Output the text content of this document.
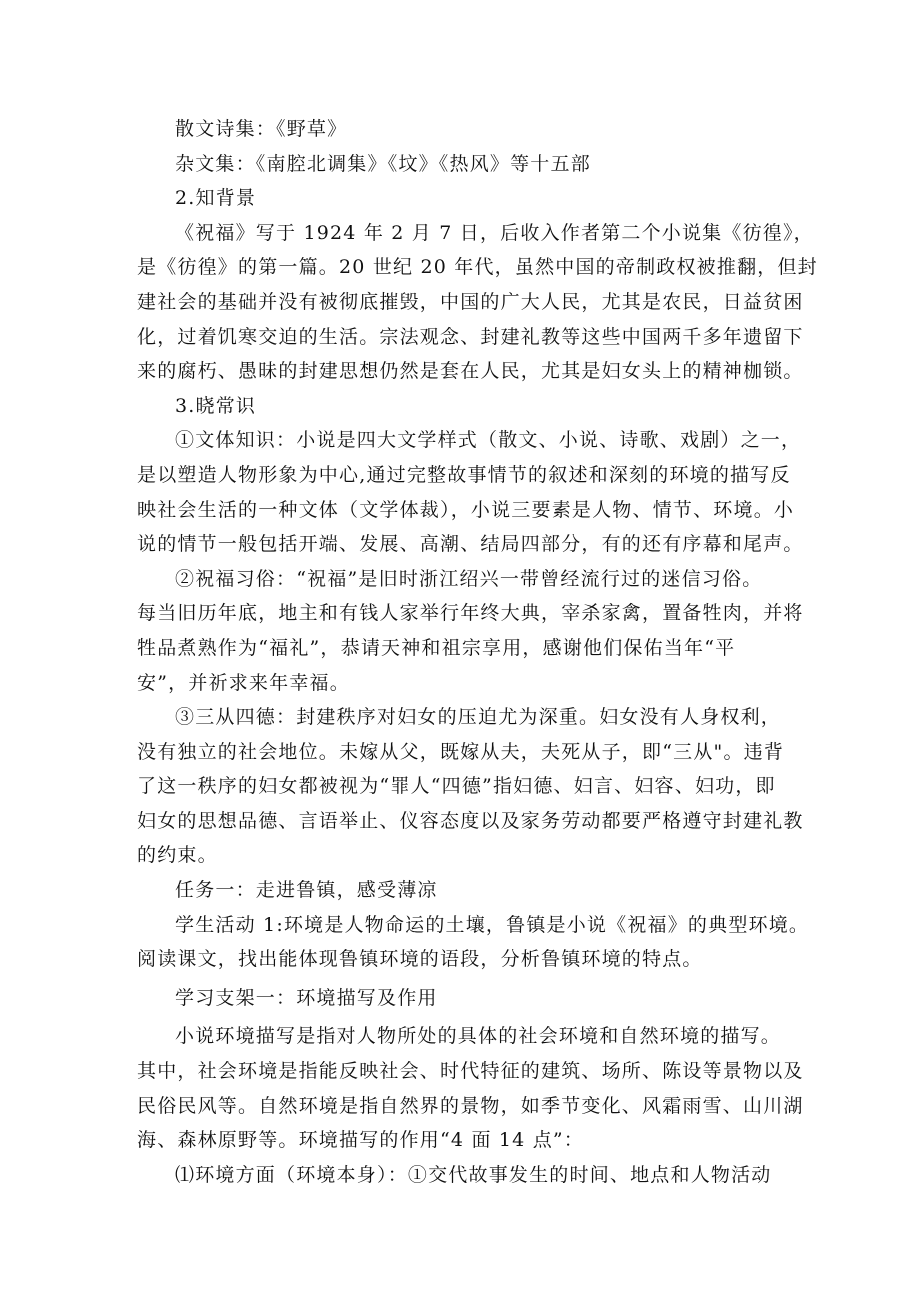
散文诗集：《野草》
杂文集：《南腔北调集》《坟》《热风》等十五部
2.知背景
《祝福》写于 1924 年 2 月 7 日，后收入作者第二个小说集《彷徨》，
是《彷徨》的第一篇。20 世纪 20 年代，虽然中国的帝制政权被推翻，但封
建社会的基础并没有被彻底摧毁，中国的广大人民，尤其是农民，日益贫困
化，过着饥寒交迫的生活。宗法观念、封建礼教等这些中国两千多年遗留下
来的腐朽、愚昧的封建思想仍然是套在人民，尤其是妇女头上的精神枷锁。
3.晓常识
①文体知识：小说是四大文学样式（散文、小说、诗歌、戏剧）之一，
是以塑造人物形象为中心,通过完整故事情节的叙述和深刻的环境的描写反
映社会生活的一种文体（文学体裁），小说三要素是人物、情节、环境。小
说的情节一般包括开端、发展、高潮、结局四部分，有的还有序幕和尾声。
②祝福习俗：“祝福”是旧时浙江绍兴一带曾经流行过的迷信习俗。
每当旧历年底，地主和有钱人家举行年终大典，宰杀家禽，置备牲肉，并将
牲品煮熟作为“福礼”，恭请天神和祖宗享用，感谢他们保佑当年“平
安”，并祈求来年幸福。
③三从四德：封建秩序对妇女的压迫尤为深重。妇女没有人身权利，
没有独立的社会地位。未嫁从父，既嫁从夫，夫死从子，即“三从"。违背
了这一秩序的妇女都被视为“罪人“四德”指妇德、妇言、妇容、妇功，即
妇女的思想品德、言语举止、仪容态度以及家务劳动都要严格遵守封建礼教
的约束。
任务一：走进鲁镇，感受薄凉
学生活动 1:环境是人物命运的土壤，鲁镇是小说《祝福》的典型环境。
阅读课文，找出能体现鲁镇环境的语段，分析鲁镇环境的特点。
学习支架一：环境描写及作用
小说环境描写是指对人物所处的具体的社会环境和自然环境的描写。
其中，社会环境是指能反映社会、时代特征的建筑、场所、陈设等景物以及
民俗民风等。自然环境是指自然界的景物，如季节变化、风霜雨雪、山川湖
海、森林原野等。环境描写的作用“4 面 14 点”：
⑴环境方面（环境本身）：①交代故事发生的时间、地点和人物活动
